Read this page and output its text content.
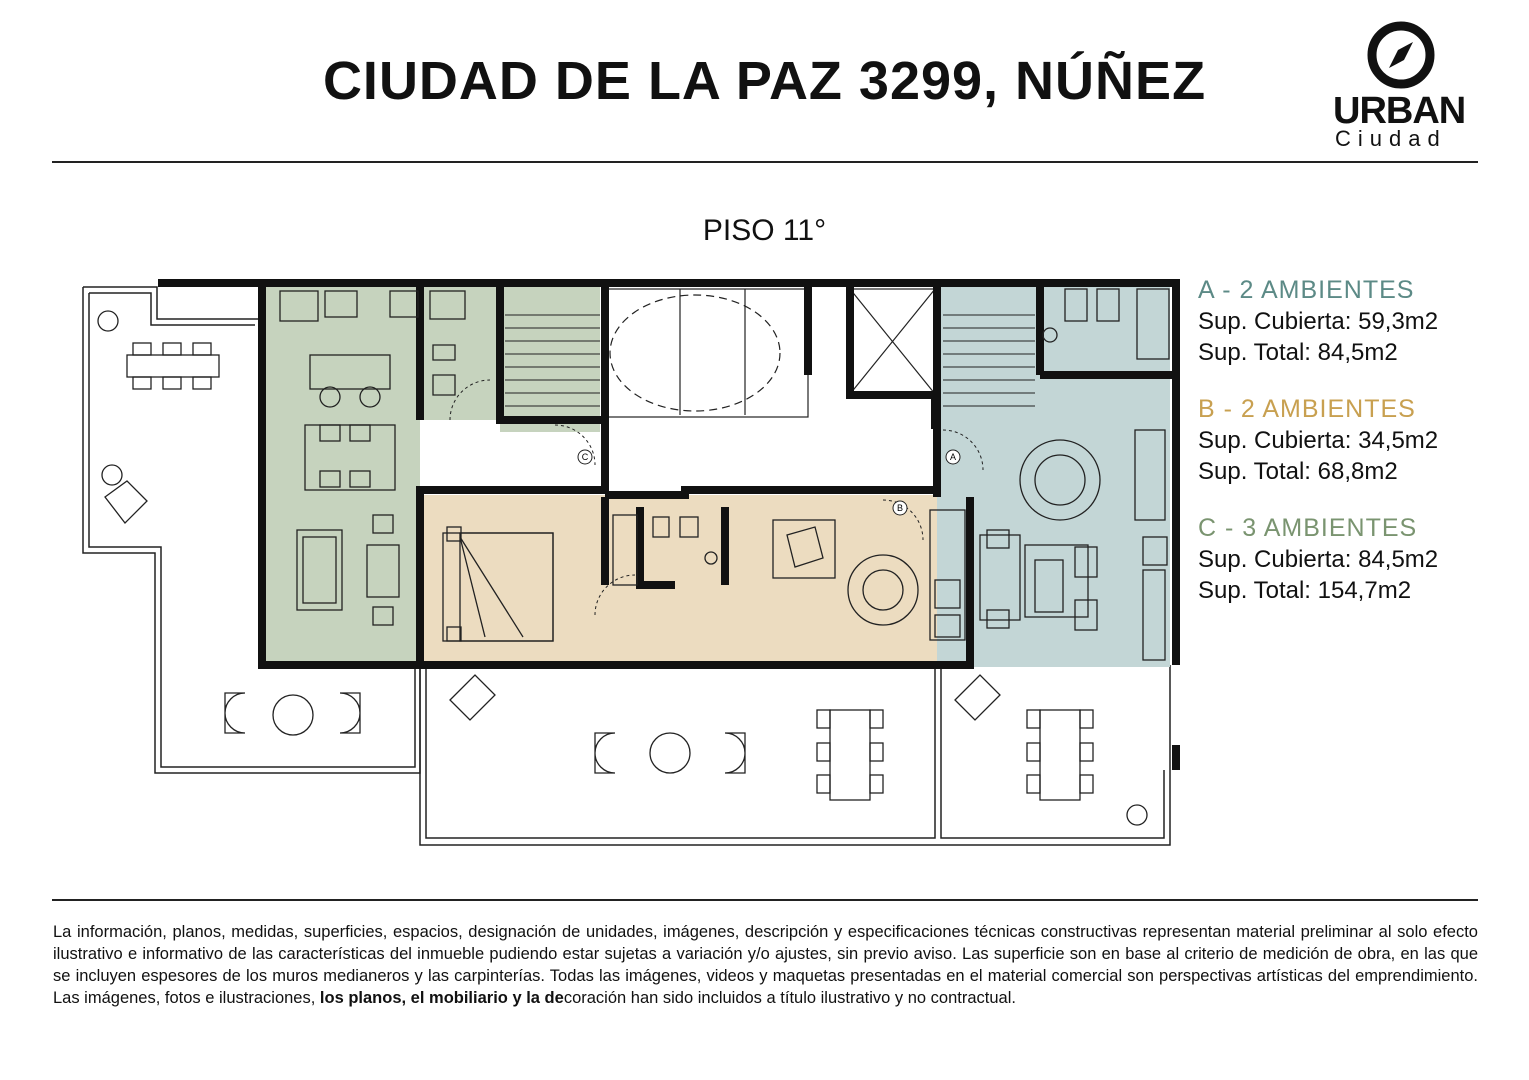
CIUDAD DE LA PAZ 3299, NÚÑEZ	URBAN
Ciudad
PISO 11°
A
B
C
A - 2 AMBIENTES
Sup. Cubierta: 59,3m2
Sup. Total: 84,5m2
B - 2 AMBIENTES
Sup. Cubierta: 34,5m2
Sup. Total: 68,8m2
C - 3 AMBIENTES
Sup. Cubierta: 84,5m2
Sup. Total: 154,7m2
La información, planos, medidas, superficies, espacios, designación de unidades, imágenes, descripción y especificaciones técnicas constructivas representan material preliminar al solo efecto ilustrativo e informativo de las características del inmueble pudiendo estar sujetas a variación y/o ajustes, sin previo aviso. Las superficie son en base al criterio de medición de obra, en las que se incluyen espesores de los muros medianeros y las carpinterías. Todas las imágenes, videos y maquetas presentadas en el material comercial son perspectivas artísticas del emprendimiento. Las imágenes, fotos e ilustraciones, los planos, el mobiliario y la decoración han sido incluidos a título ilustrativo y no contractual.
